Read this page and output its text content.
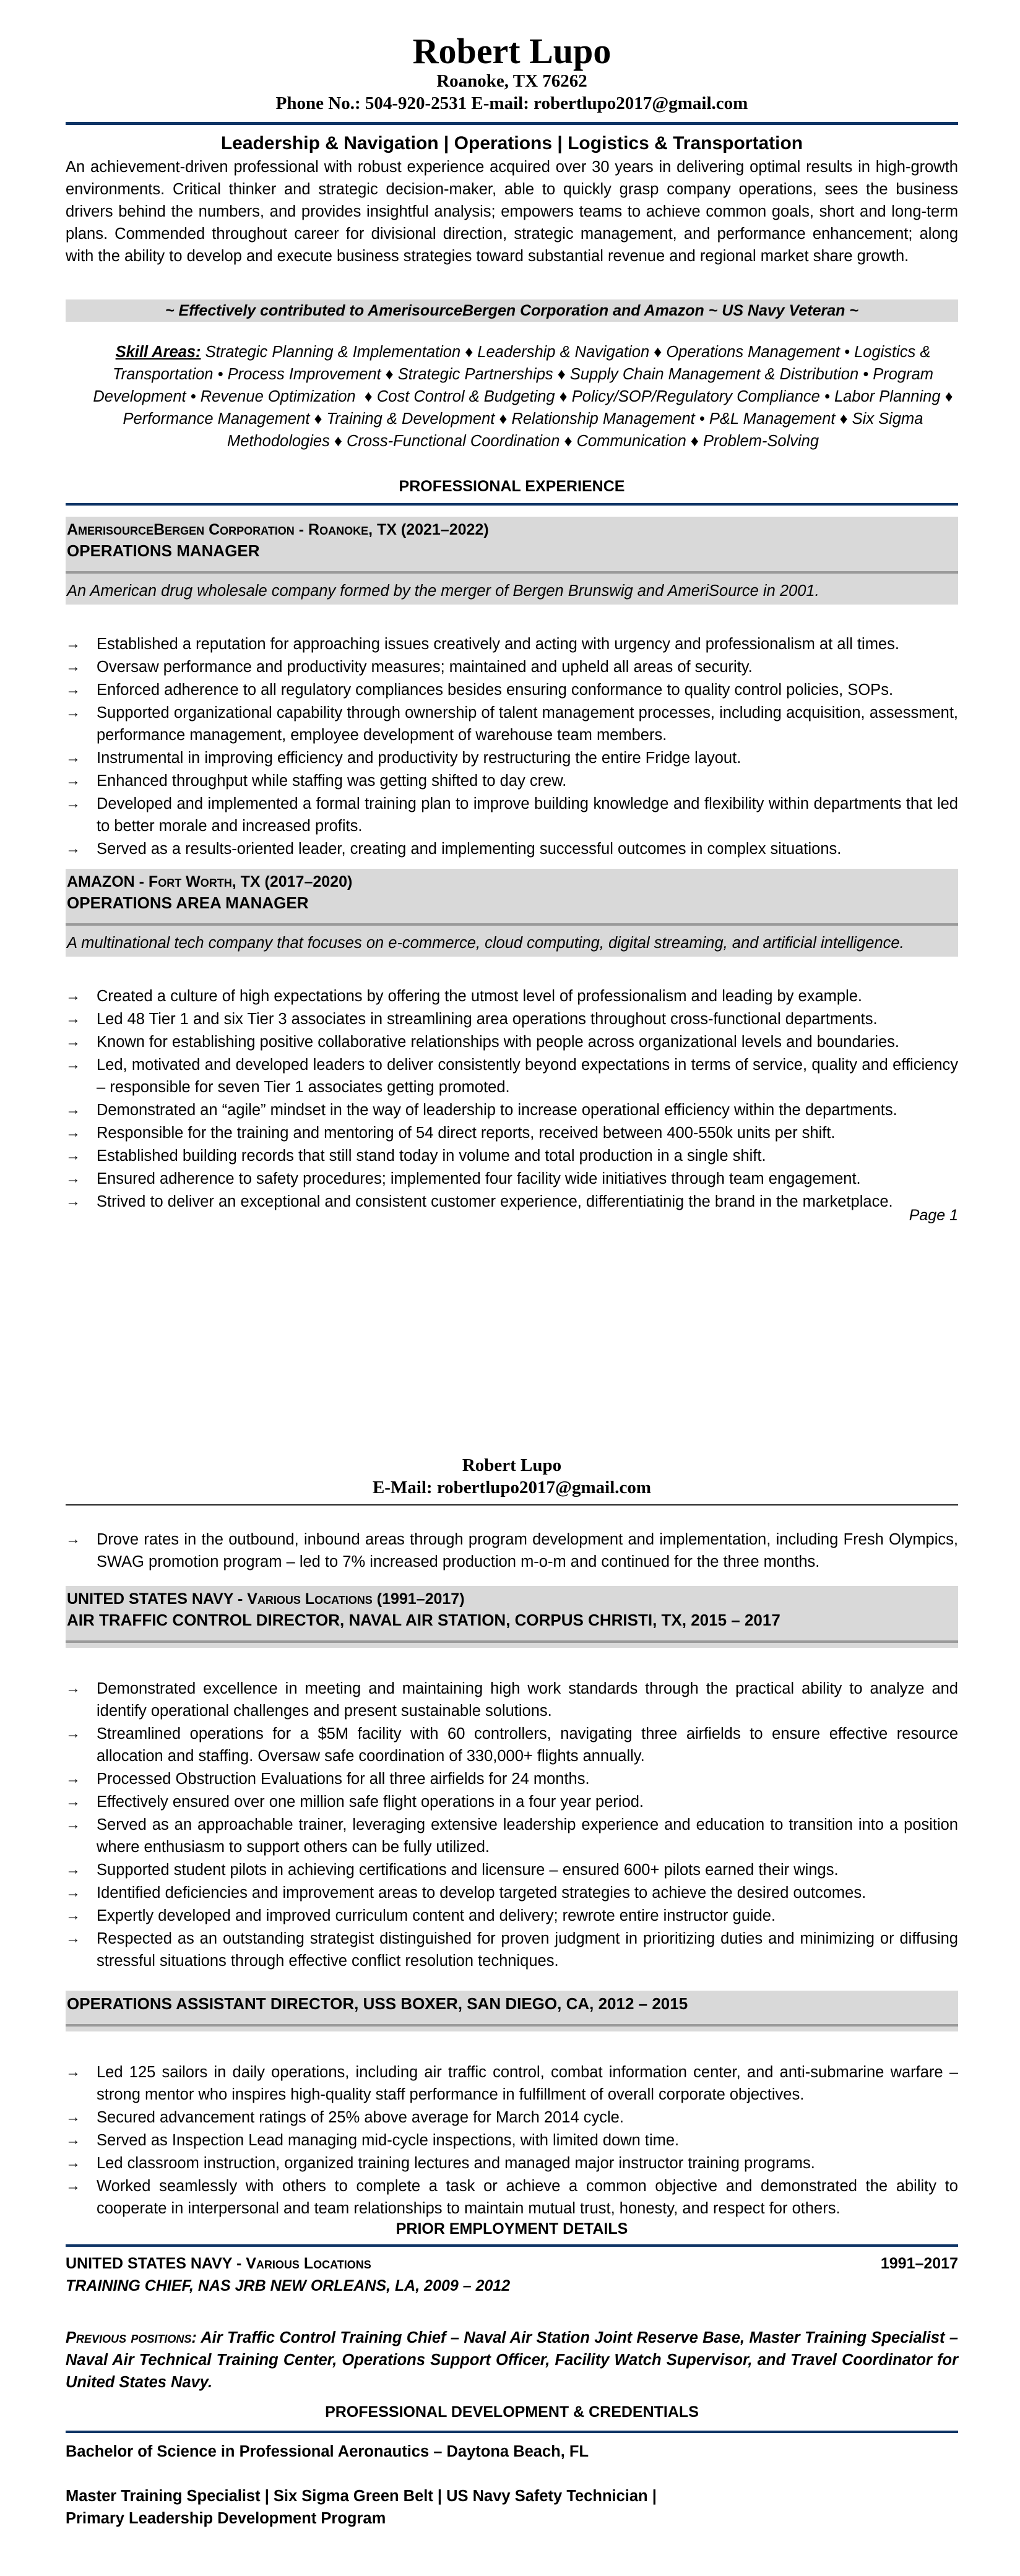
Robert Lupo
Roanoke, TX 76262
Phone No.: 504-920-2531 E-mail: robertlupo2017@gmail.com
Leadership & Navigation | Operations | Logistics & Transportation
An achievement-driven professional with robust experience acquired over 30 years in delivering optimal results in high-growth environments. Critical thinker and strategic decision-maker, able to quickly grasp company operations, sees the business drivers behind the numbers, and provides insightful analysis; empowers teams to achieve common goals, short and long-term plans. Commended throughout career for divisional direction, strategic management, and performance enhancement; along with the ability to develop and execute business strategies toward substantial revenue and regional market share growth.
~ Effectively contributed to AmerisourceBergen Corporation and Amazon ~ US Navy Veteran ~
Skill Areas: Strategic Planning & Implementation ♦ Leadership & Navigation ♦ Operations Management • Logistics & Transportation • Process Improvement ♦ Strategic Partnerships ♦ Supply Chain Management & Distribution • Program Development • Revenue Optimization  ♦ Cost Control & Budgeting ♦ Policy/SOP/Regulatory Compliance • Labor Planning ♦ Performance Management ♦ Training & Development ♦ Relationship Management • P&L Management ♦ Six Sigma Methodologies ♦ Cross-Functional Coordination ♦ Communication ♦ Problem-Solving
PROFESSIONAL EXPERIENCE
AmerisourceBergen Corporation - Roanoke, TX (2021–2022)
OPERATIONS MANAGER
An American drug wholesale company formed by the merger of Bergen Brunswig and AmeriSource in 2001.
→ Established a reputation for approaching issues creatively and acting with urgency and professionalism at all times.
→ Oversaw performance and productivity measures; maintained and upheld all areas of security.
→ Enforced adherence to all regulatory compliances besides ensuring conformance to quality control policies, SOPs.
→ Supported organizational capability through ownership of talent management processes, including acquisition, assessment, performance management, employee development of warehouse team members.
→ Instrumental in improving efficiency and productivity by restructuring the entire Fridge layout.
→ Enhanced throughput while staffing was getting shifted to day crew.
→ Developed and implemented a formal training plan to improve building knowledge and flexibility within departments that led to better morale and increased profits.
→ Served as a results-oriented leader, creating and implementing successful outcomes in complex situations.
AMAZON - Fort Worth, TX (2017–2020)
OPERATIONS AREA MANAGER
A multinational tech company that focuses on e-commerce, cloud computing, digital streaming, and artificial intelligence.
→ Created a culture of high expectations by offering the utmost level of professionalism and leading by example.
→ Led 48 Tier 1 and six Tier 3 associates in streamlining area operations throughout cross-functional departments.
→ Known for establishing positive collaborative relationships with people across organizational levels and boundaries.
→ Led, motivated and developed leaders to deliver consistently beyond expectations in terms of service, quality and efficiency – responsible for seven Tier 1 associates getting promoted.
→ Demonstrated an “agile” mindset in the way of leadership to increase operational efficiency within the departments.
→ Responsible for the training and mentoring of 54 direct reports, received between 400-550k units per shift.
→ Established building records that still stand today in volume and total production in a single shift.
→ Ensured adherence to safety procedures; implemented four facility wide initiatives through team engagement.
→ Strived to deliver an exceptional and consistent customer experience, differentiatinig the brand in the marketplace.
Page 1
Robert Lupo
E-Mail: robertlupo2017@gmail.com
→ Drove rates in the outbound, inbound areas through program development and implementation, including Fresh Olympics, SWAG promotion program – led to 7% increased production m-o-m and continued for the three months.
UNITED STATES NAVY - Various Locations (1991–2017)
AIR TRAFFIC CONTROL DIRECTOR, NAVAL AIR STATION, CORPUS CHRISTI, TX, 2015 – 2017
→ Demonstrated excellence in meeting and maintaining high work standards through the practical ability to analyze and identify operational challenges and present sustainable solutions.
→ Streamlined operations for a $5M facility with 60 controllers, navigating three airfields to ensure effective resource allocation and staffing. Oversaw safe coordination of 330,000+ flights annually.
→ Processed Obstruction Evaluations for all three airfields for 24 months.
→ Effectively ensured over one million safe flight operations in a four year period.
→ Served as an approachable trainer, leveraging extensive leadership experience and education to transition into a position where enthusiasm to support others can be fully utilized.
→ Supported student pilots in achieving certifications and licensure – ensured 600+ pilots earned their wings.
→ Identified deficiencies and improvement areas to develop targeted strategies to achieve the desired outcomes.
→ Expertly developed and improved curriculum content and delivery; rewrote entire instructor guide.
→ Respected as an outstanding strategist distinguished for proven judgment in prioritizing duties and minimizing or diffusing stressful situations through effective conflict resolution techniques.
OPERATIONS ASSISTANT DIRECTOR, USS BOXER, SAN DIEGO, CA, 2012 – 2015
→ Led 125 sailors in daily operations, including air traffic control, combat information center, and anti-submarine warfare – strong mentor who inspires high-quality staff performance in fulfillment of overall corporate objectives.
→ Secured advancement ratings of 25% above average for March 2014 cycle.
→ Served as Inspection Lead managing mid-cycle inspections, with limited down time.
→ Led classroom instruction, organized training lectures and managed major instructor training programs.
→ Worked seamlessly with others to complete a task or achieve a common objective and demonstrated the ability to cooperate in interpersonal and team relationships to maintain mutual trust, honesty, and respect for others.
PRIOR EMPLOYMENT DETAILS
UNITED STATES NAVY - Various Locations	1991–2017
TRAINING CHIEF, NAS JRB NEW ORLEANS, LA, 2009 – 2012
Previous positions: Air Traffic Control Training Chief – Naval Air Station Joint Reserve Base, Master Training Specialist – Naval Air Technical Training Center, Operations Support Officer, Facility Watch Supervisor, and Travel Coordinator for United States Navy.
PROFESSIONAL DEVELOPMENT & CREDENTIALS
Bachelor of Science in Professional Aeronautics – Daytona Beach, FL
Master Training Specialist | Six Sigma Green Belt | US Navy Safety Technician |
Primary Leadership Development Program
